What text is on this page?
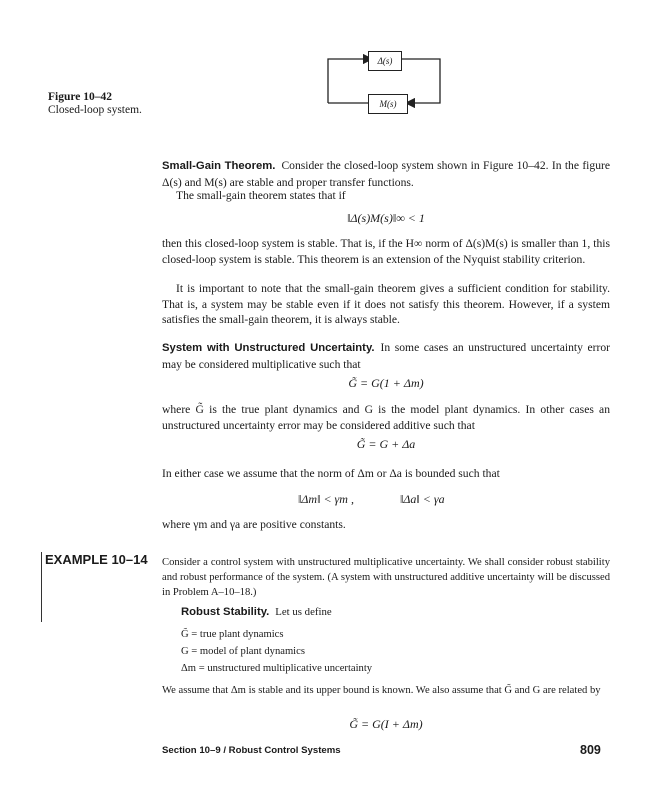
Figure 10–42
Closed-loop system.
Δ(s)
M(s)

Small-Gain Theorem. Consider the closed-loop system shown in Figure 10–42. In the figure Δ(s) and M(s) are stable and proper transfer functions.

The small-gain theorem states that if

‖Δ(s)M(s)‖∞ < 1

then this closed-loop system is stable. That is, if the H∞ norm of Δ(s)M(s) is smaller than 1, this closed-loop system is stable. This theorem is an extension of the Nyquist stability criterion.

It is important to note that the small-gain theorem gives a sufficient condition for stability. That is, a system may be stable even if it does not satisfy this theorem. However, if a system satisfies the small-gain theorem, it is always stable.

System with Unstructured Uncertainty. In some cases an unstructured uncertainty error may be considered multiplicative such that

G̃ = G(1 + Δm)

where G̃ is the true plant dynamics and G is the model plant dynamics. In other cases an unstructured uncertainty error may be considered additive such that

G̃ = G + Δa

In either case we assume that the norm of Δm or Δa is bounded such that

‖Δm‖ < γm ,	‖Δa‖ < γa

where γm and γa are positive constants.

EXAMPLE 10–14 Consider a control system with unstructured multiplicative uncertainty. We shall consider robust stability and robust performance of the system. (A system with unstructured additive uncertainty will be discussed in Problem A–10–18.)

Robust Stability. Let us define
G̃ = true plant dynamics
G = model of plant dynamics
Δm = unstructured multiplicative uncertainty

We assume that Δm is stable and its upper bound is known. We also assume that G̃ and G are related by

G̃ = G(I + Δm)
Section 10–9 / Robust Control Systems	809
